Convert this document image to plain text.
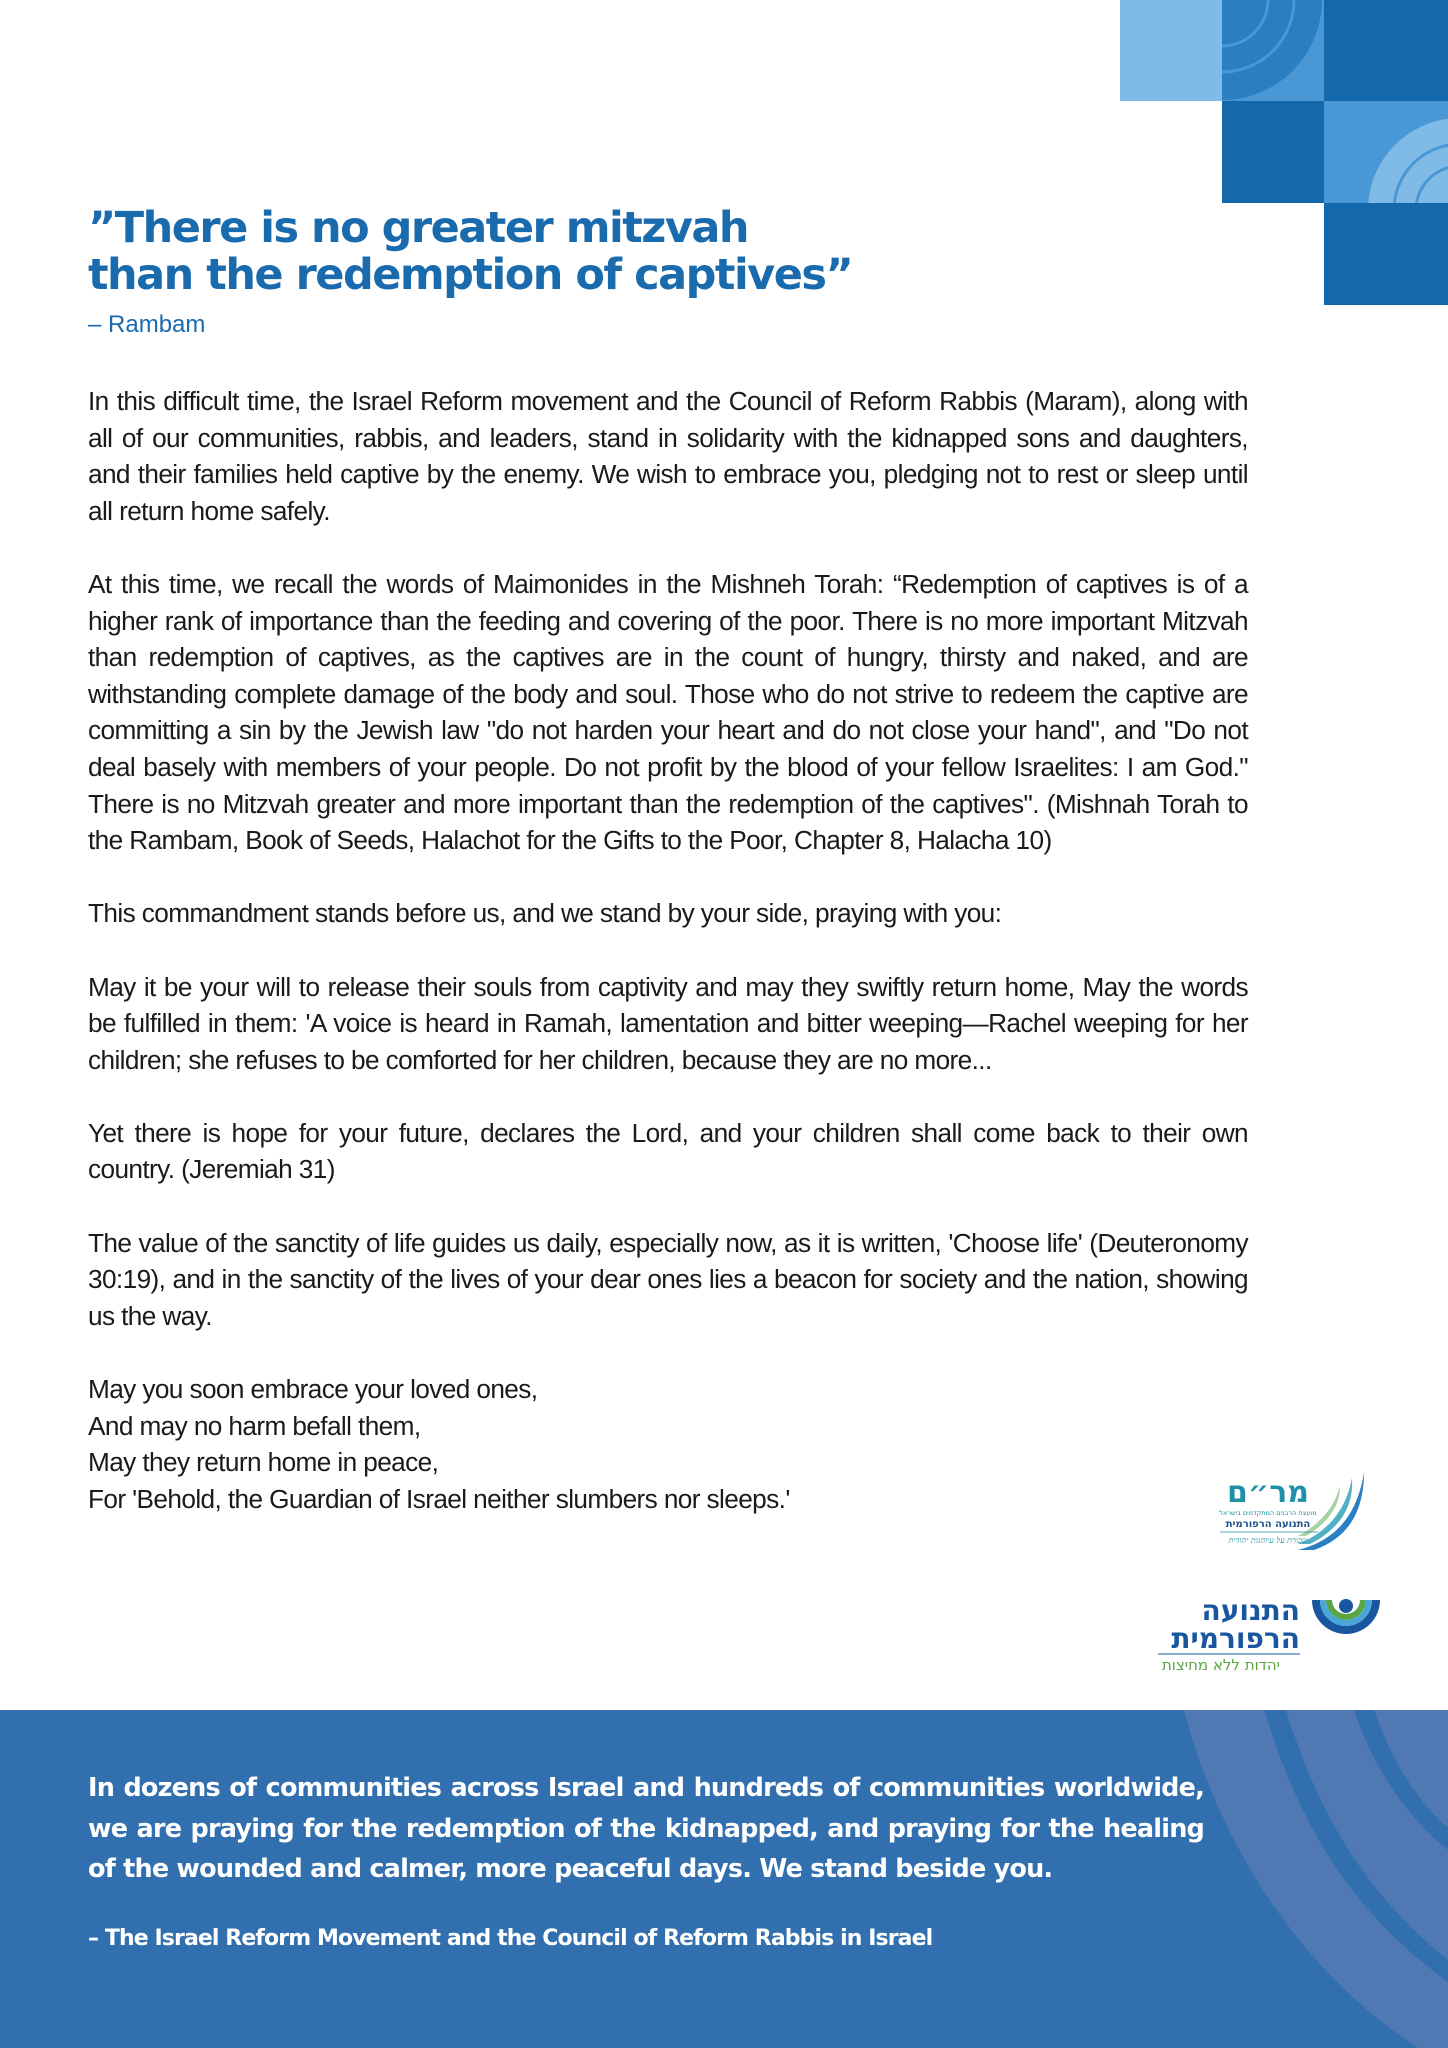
”There is no greater mitzvah
than the redemption of captives”
– Rambam

In this difficult time, the Israel Reform movement and the Council of Reform Rabbis (Maram), along with all of our communities, rabbis, and leaders, stand in solidarity with the kidnapped sons and daughters, and their families held captive by the enemy. We wish to embrace you, pledging not to rest or sleep until all return home safely.

At this time, we recall the words of Maimonides in the Mishneh Torah: “Redemption of captives is of a higher rank of importance than the feeding and covering of the poor. There is no more important Mitzvah than redemption of captives, as the captives are in the count of hungry, thirsty and naked, and are withstanding complete damage of the body and soul. Those who do not strive to redeem the captive are committing a sin by the Jewish law "do not harden your heart and do not close your hand", and "Do not deal basely with members of your people. Do not profit by the blood of your fellow Israelites: I am God." There is no Mitzvah greater and more important than the redemption of the captives". (Mishnah Torah to the Rambam, Book of Seeds, Halachot for the Gifts to the Poor, Chapter 8, Halacha 10)

This commandment stands before us, and we stand by your side, praying with you:

May it be your will to release their souls from captivity and may they swiftly return home, May the words be fulfilled in them: 'A voice is heard in Ramah, lamentation and bitter weeping—Rachel weeping for her children; she refuses to be comforted for her children, because they are no more...

Yet there is hope for your future, declares the Lord, and your children shall come back to their own country. (Jeremiah 31)

The value of the sanctity of life guides us daily, especially now, as it is written, 'Choose life' (Deuteronomy 30:19), and in the sanctity of the lives of your dear ones lies a beacon for society and the nation, showing us the way.

May you soon embrace your loved ones,
And may no harm befall them,
May they return home in peace,
For 'Behold, the Guardian of Israel neither slumbers nor sleeps.'	מר״ם
מועצת הרבנים המתקדמים בישראל
התנועה הרפורמית
שכורת על עיוהגות יהודית
התנועה
הרפורמית
יהדות ללא מחיצות

In dozens of communities across Israel and hundreds of communities worldwide, we are praying for the redemption of the kidnapped, and praying for the healing of the wounded and calmer, more peaceful days. We stand beside you.

– The Israel Reform Movement and the Council of Reform Rabbis in Israel
